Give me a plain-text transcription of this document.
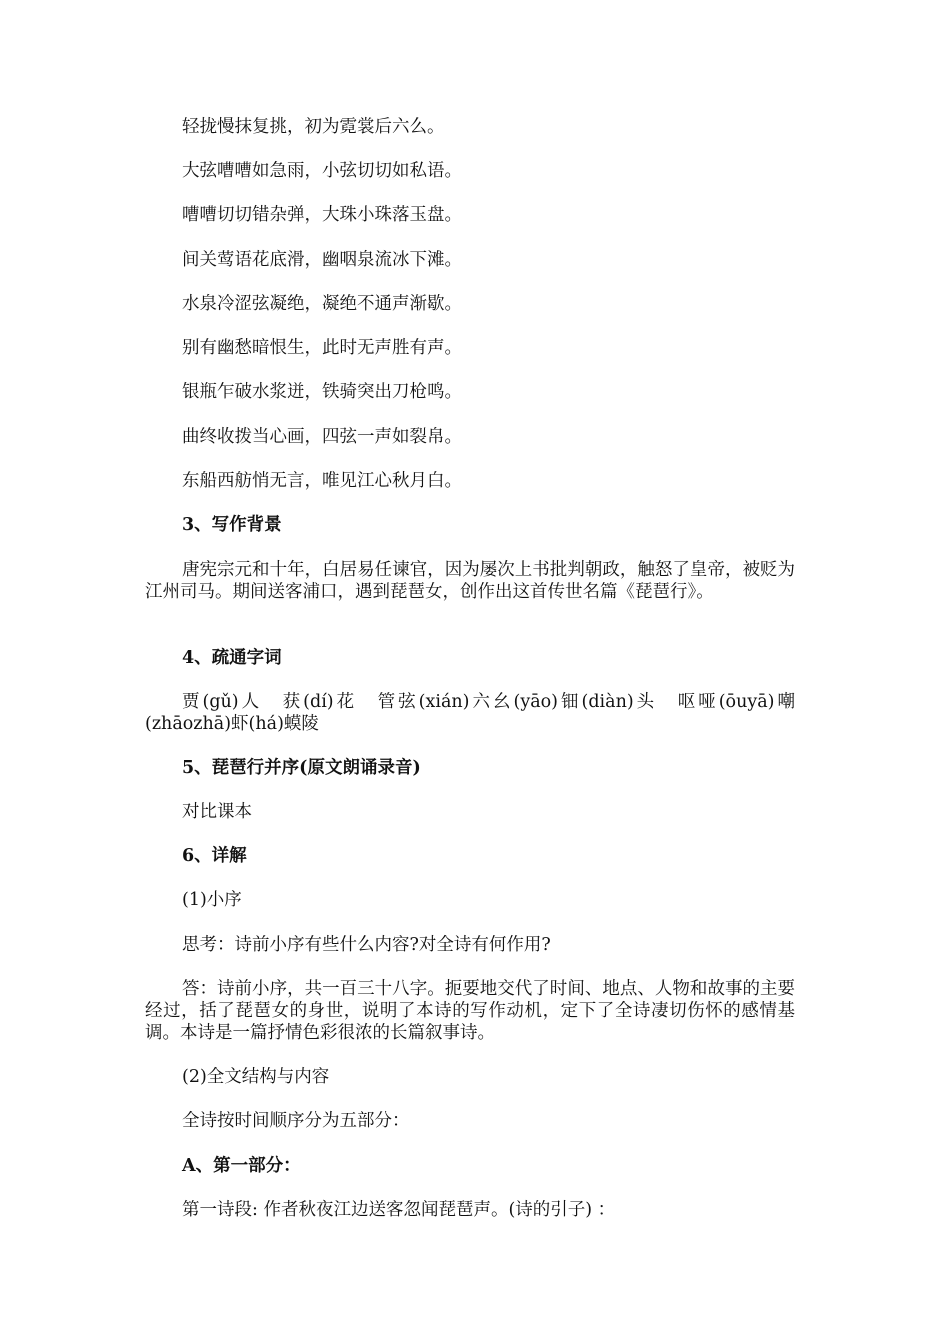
轻拢慢抹复挑，初为霓裳后六么。

大弦嘈嘈如急雨，小弦切切如私语。

嘈嘈切切错杂弹，大珠小珠落玉盘。

间关莺语花底滑，幽咽泉流冰下滩。

水泉冷涩弦凝绝，凝绝不通声渐歇。

别有幽愁暗恨生，此时无声胜有声。

银瓶乍破水浆迸，铁骑突出刀枪鸣。

曲终收拨当心画，四弦一声如裂帛。

东船西舫悄无言，唯见江心秋月白。

3、写作背景

唐宪宗元和十年，白居易任谏官，因为屡次上书批判朝政，触怒了皇帝，被贬为江州司马。期间送客浦口，遇到琵琶女，创作出这首传世名篇《琵琶行》。

4、疏通字词

贾(gǔ)人　获(dí)花　管弦(xián)六幺(yāo)钿(diàn)头　呕哑(ōuyā)嘲(zhāozhā)虾(há)蟆陵

5、琵琶行并序(原文朗诵录音)

对比课本

6、详解

(1)小序

思考：诗前小序有些什么内容?对全诗有何作用?

答：诗前小序，共一百三十八字。扼要地交代了时间、地点、人物和故事的主要经过，括了琵琶女的身世，说明了本诗的写作动机，定下了全诗凄切伤怀的感情基调。本诗是一篇抒情色彩很浓的长篇叙事诗。

(2)全文结构与内容

全诗按时间顺序分为五部分：

A、第一部分：

第一诗段: 作者秋夜江边送客忽闻琵琶声。(诗的引子) ：
